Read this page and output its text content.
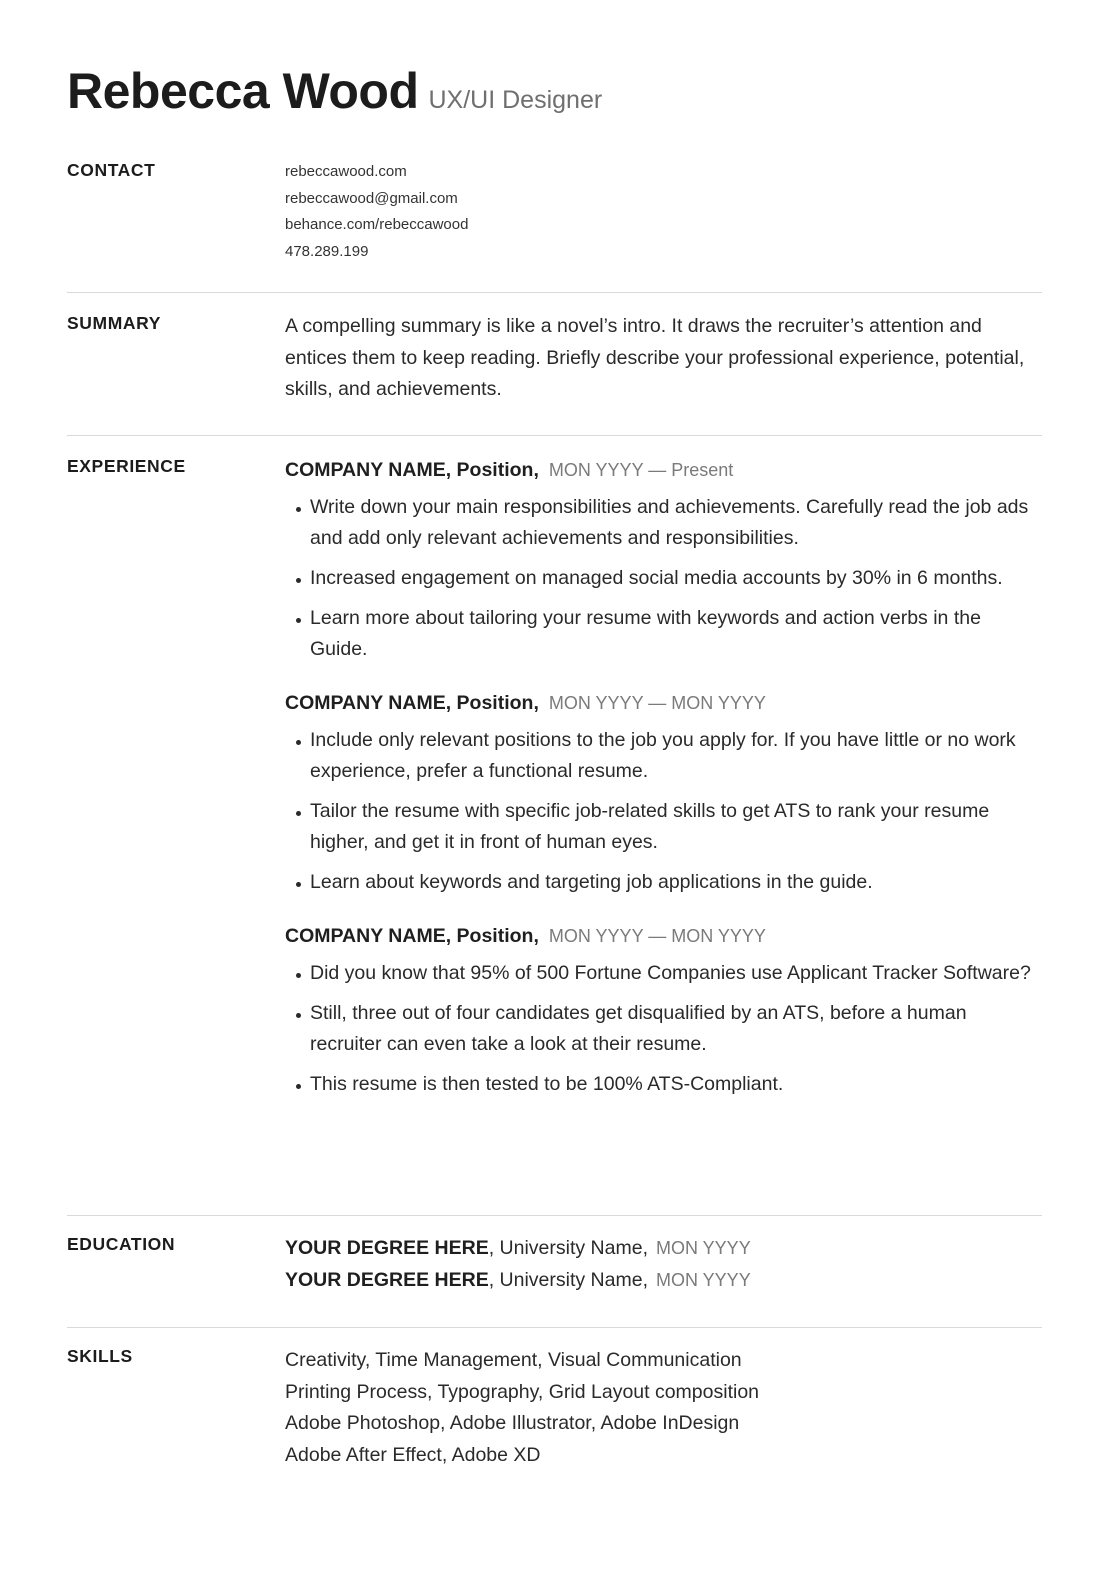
Rebecca Wood UX/UI Designer
CONTACT	rebeccawood.com
rebeccawood@gmail.com
behance.com/rebeccawood
478.289.199
SUMMARY	A compelling summary is like a novel’s intro. It draws the recruiter’s attention and entices them to keep reading. Briefly describe your professional experience, potential, skills, and achievements.

EXPERIENCE	COMPANY NAME, Position, MON YYYY — Present
Write down your main responsibilities and achievements. Carefully read the job ads and add only relevant achievements and responsibilities.
Increased engagement on managed social media accounts by 30% in 6 months.
Learn more about tailoring your resume with keywords and action verbs in the Guide.
COMPANY NAME, Position, MON YYYY — MON YYYY
Include only relevant positions to the job you apply for. If you have little or no work experience, prefer a functional resume.
Tailor the resume with specific job-related skills to get ATS to rank your resume higher, and get it in front of human eyes.
Learn about keywords and targeting job applications in the guide.
COMPANY NAME, Position, MON YYYY — MON YYYY
Did you know that 95% of 500 Fortune Companies use Applicant Tracker Software?
Still, three out of four candidates get disqualified by an ATS, before a human recruiter can even take a look at their resume.
This resume is then tested to be 100% ATS-Compliant.
EDUCATION	YOUR DEGREE HERE, University Name, MON YYYY
YOUR DEGREE HERE, University Name, MON YYYY
SKILLS	Creativity, Time Management, Visual Communication
Printing Process, Typography, Grid Layout composition
Adobe Photoshop, Adobe Illustrator, Adobe InDesign
Adobe After Effect, Adobe XD
